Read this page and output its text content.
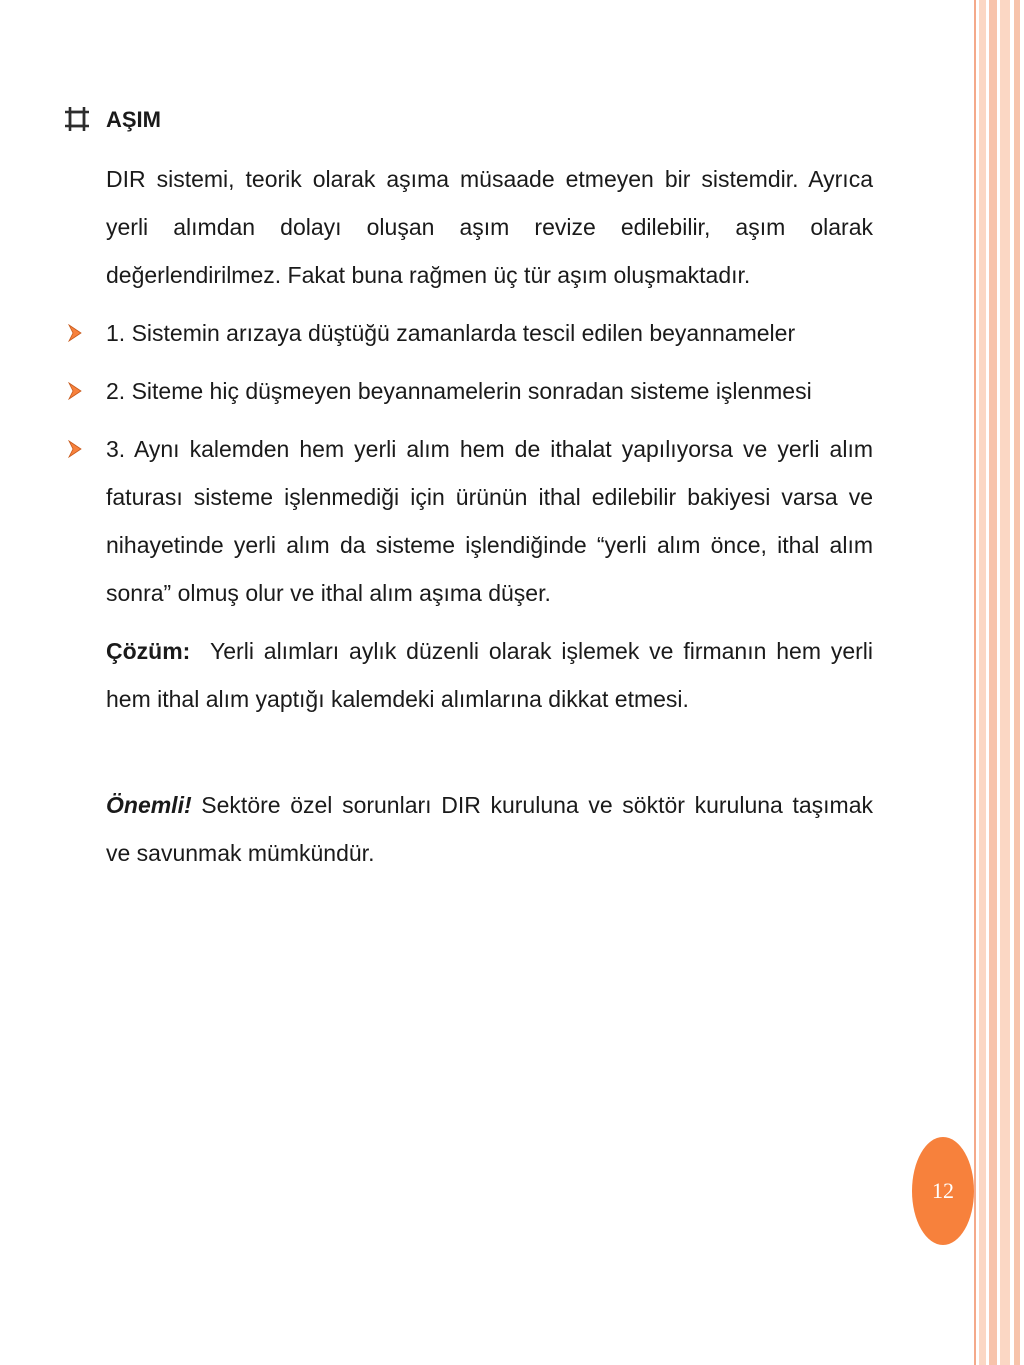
AŞIM

DIR sistemi, teorik olarak aşıma müsaade etmeyen bir sistemdir. Ayrıca yerli alımdan dolayı oluşan aşım revize edilebilir, aşım olarak değerlendirilmez. Fakat buna rağmen üç tür aşım oluşmaktadır.

1. Sistemin arızaya düştüğü zamanlarda tescil edilen beyannameler
2. Siteme hiç düşmeyen beyannamelerin sonradan sisteme işlenmesi
3. Aynı kalemden hem yerli alım hem de ithalat yapılıyorsa ve yerli alım faturası sisteme işlenmediği için ürünün ithal edilebilir bakiyesi varsa ve nihayetinde yerli alım da sisteme işlendiğinde “yerli alım önce, ithal alım sonra” olmuş olur ve ithal alım aşıma düşer.

Çözüm: Yerli alımları aylık düzenli olarak işlemek ve firmanın hem yerli hem ithal alım yaptığı kalemdeki alımlarına dikkat etmesi.

Önemli! Sektöre özel sorunları DIR kuruluna ve söktör kuruluna taşımak ve savunmak mümkündür.

12
